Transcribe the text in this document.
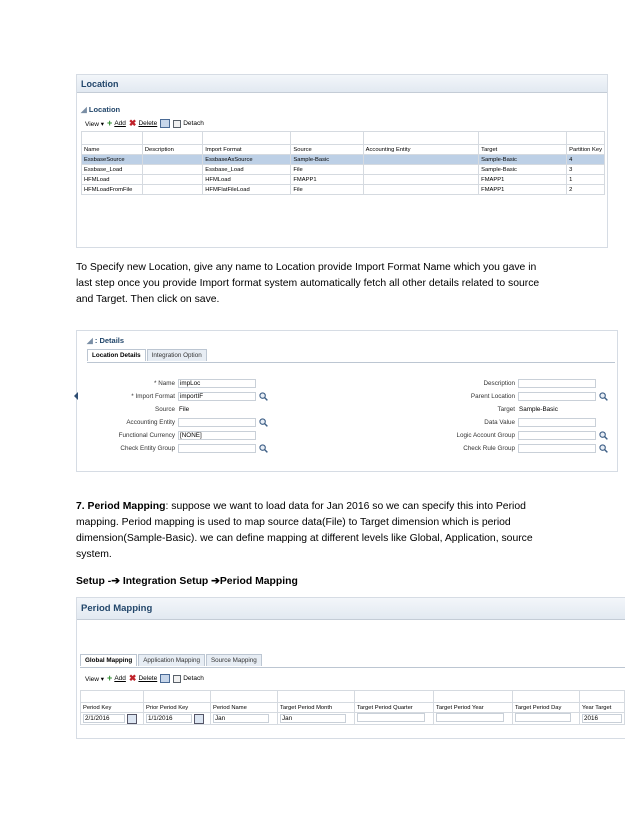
Location
◢ Location
View ▾ + Add ✖ Delete	Detach

Name	Description	Import Format	Source	Accounting Entity	Target	Partition Key
EssbaseSource		EssbaseAsSource	Sample-Basic		Sample-Basic	4
Essbase_Load		Essbase_Load	File		Sample-Basic	3
HFMLoad		HFMLoad	FMAPP1		FMAPP1	1
HFMLoadFromFile		HFMFlatFileLoad	File		FMAPP1	2
To Specify new Location, give any name to Location provide Import Format Name which you gave in
last step once you provide Import format system automatically fetch all other details related to source
and Target. Then click on save.
◢ : Details
Location Details	Integration Option
* Name impLoc
* Import Format importIF
Source File
Accounting Entity
Functional Currency [NONE]
Check Entity Group
Description
Parent Location
Target Sample-Basic
Data Value
Logic Account Group
Check Rule Group
7. Period Mapping: suppose we want to load data for Jan 2016 so we can specify this into Period
mapping. Period mapping is used to map source data(File) to Target dimension which is period
dimension(Sample-Basic). we can define mapping at different levels like Global, Application, source
system.
Setup -➔ Integration Setup ➔Period Mapping
Period Mapping
Global Mapping	Application Mapping	Source Mapping
View ▾ + Add ✖ Delete	Detach

Period Key	Prior Period Key	Period Name	Target Period Month	Target Period Quarter	Target Period Year	Target Period Day	Year Target
2/1/2016	1/1/2016	Jan	Jan				2016
